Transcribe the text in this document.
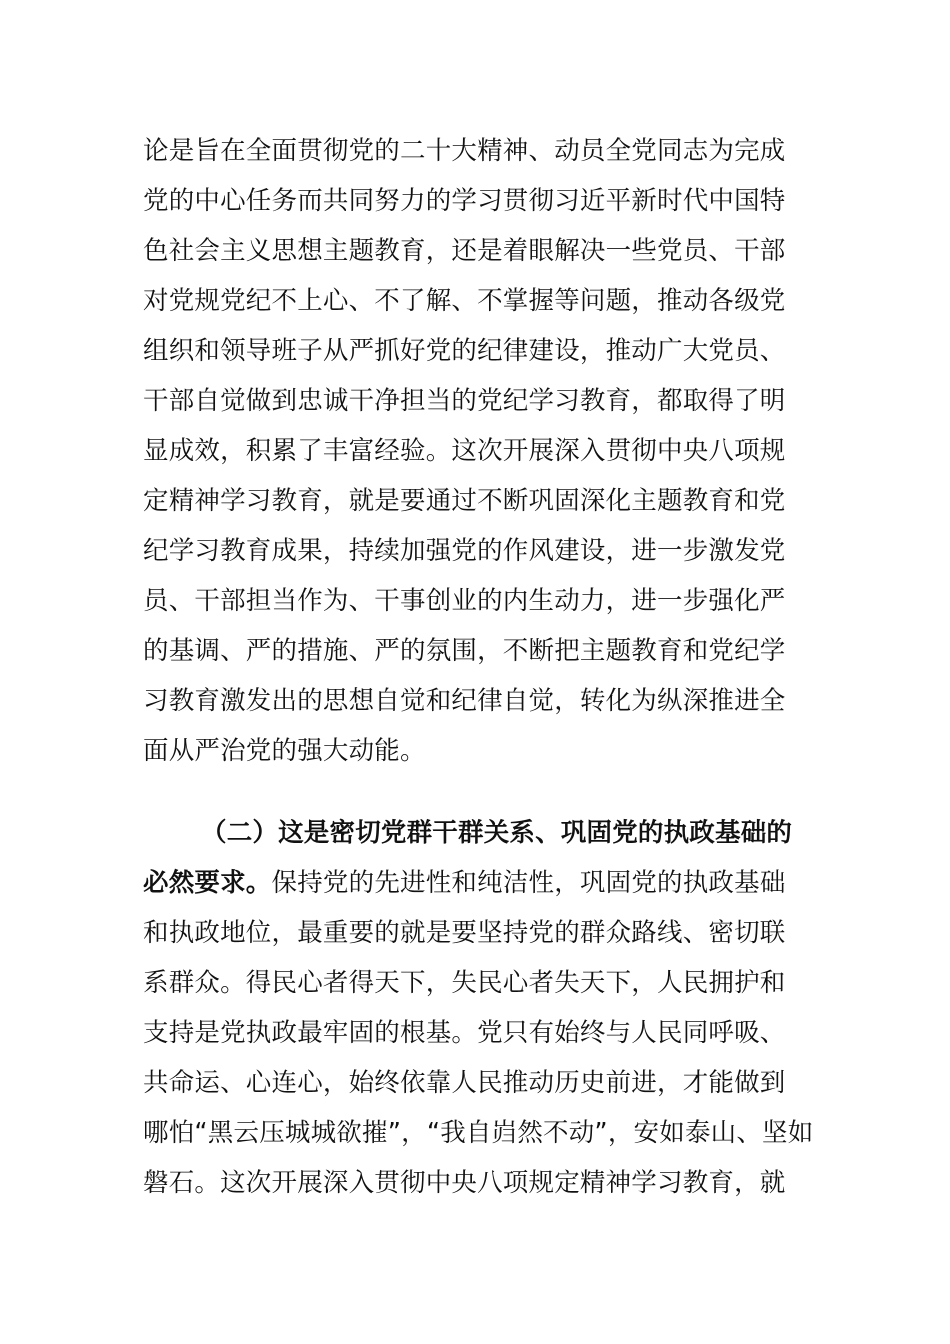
论是旨在全面贯彻党的二十大精神、动员全党同志为完成
党的中心任务而共同努力的学习贯彻习近平新时代中国特
色社会主义思想主题教育，还是着眼解决一些党员、干部
对党规党纪不上心、不了解、不掌握等问题，推动各级党
组织和领导班子从严抓好党的纪律建设，推动广大党员、
干部自觉做到忠诚干净担当的党纪学习教育，都取得了明
显成效，积累了丰富经验。这次开展深入贯彻中央八项规
定精神学习教育，就是要通过不断巩固深化主题教育和党
纪学习教育成果，持续加强党的作风建设，进一步激发党
员、干部担当作为、干事创业的内生动力，进一步强化严
的基调、严的措施、严的氛围，不断把主题教育和党纪学
习教育激发出的思想自觉和纪律自觉，转化为纵深推进全
面从严治党的强大动能。
（二）这是密切党群干群关系、巩固党的执政基础的
必然要求。保持党的先进性和纯洁性，巩固党的执政基础
和执政地位，最重要的就是要坚持党的群众路线、密切联
系群众。得民心者得天下，失民心者失天下，人民拥护和
支持是党执政最牢固的根基。党只有始终与人民同呼吸、
共命运、心连心，始终依靠人民推动历史前进，才能做到
哪怕“黑云压城城欲摧”，“我自岿然不动”，安如泰山、坚如
磐石。这次开展深入贯彻中央八项规定精神学习教育，就
